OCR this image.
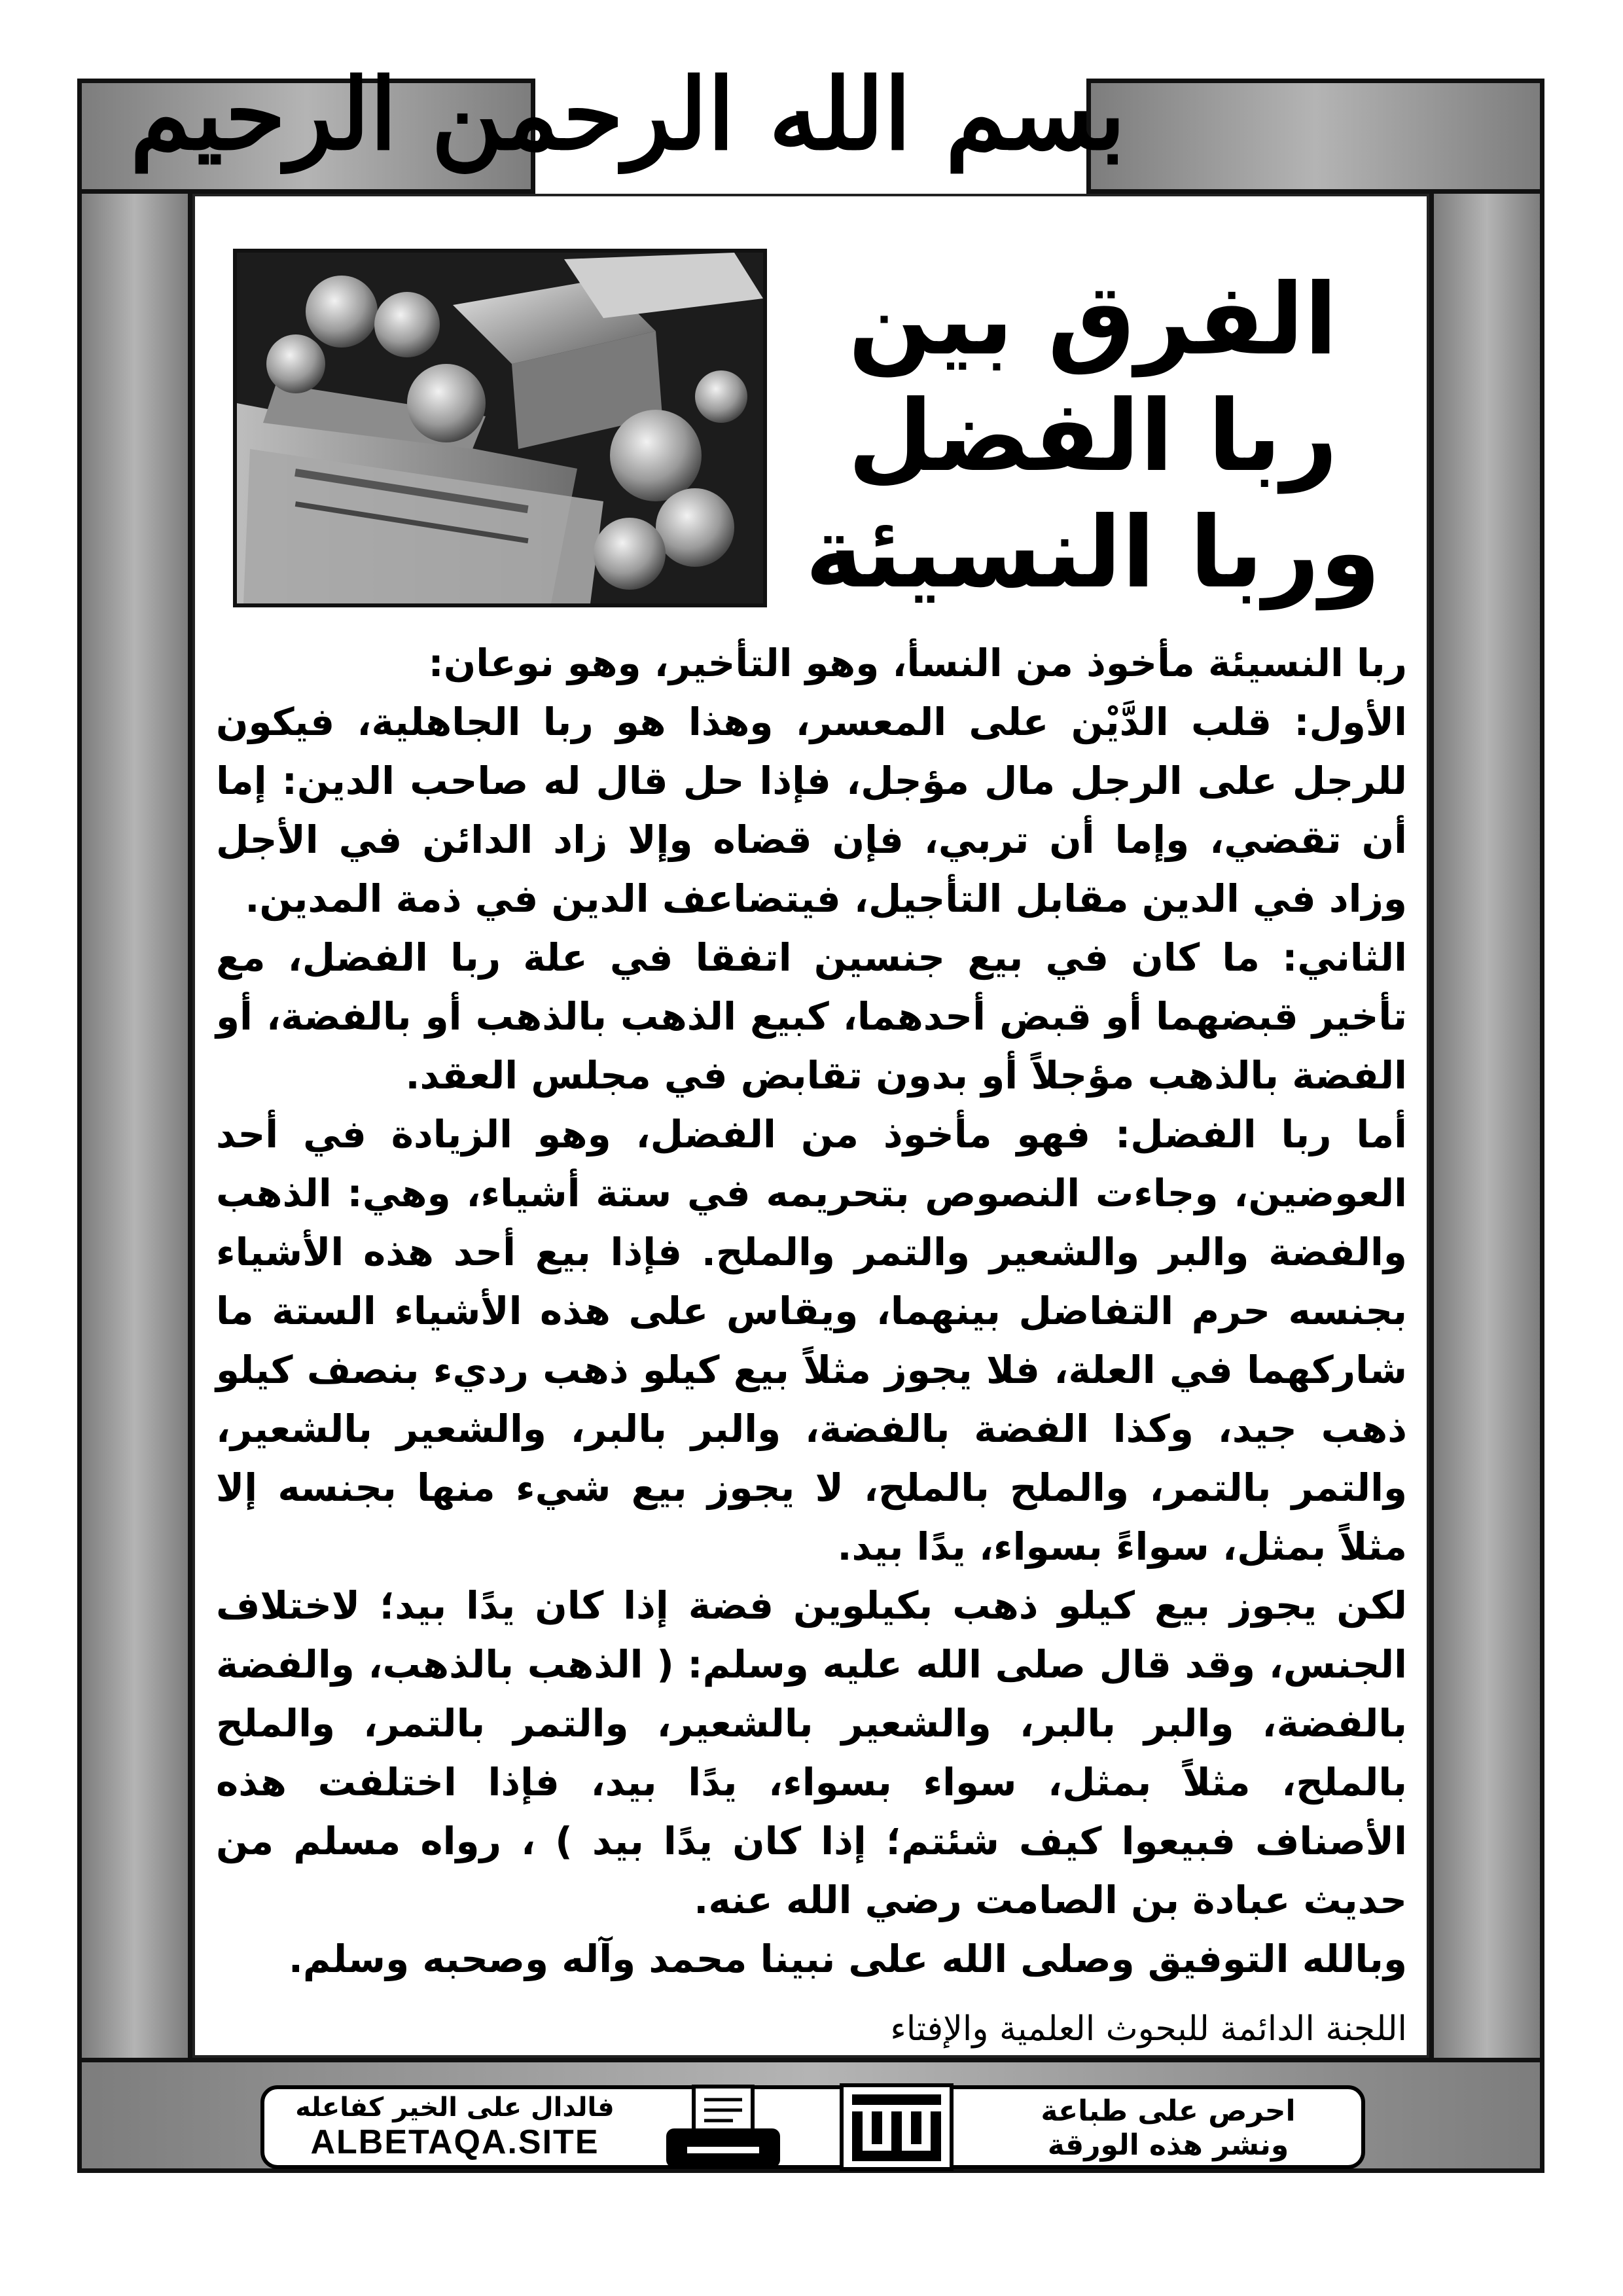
بسم الله الرحمن الرحيم
الفرق بين
ربا الفضل
وربا النسيئة

ربا النسيئة مأخوذ من النسأ، وهو التأخير، وهو نوعان:

الأول: قلب الدَّيْن على المعسر، وهذا هو ربا الجاهلية، فيكون للرجل على الرجل مال مؤجل، فإذا حل قال له صاحب الدين: إما أن تقضي، وإما أن تربي، فإن قضاه وإلا زاد الدائن في الأجل وزاد في الدين مقابل التأجيل، فيتضاعف الدين في ذمة المدين.

الثاني: ما كان في بيع جنسين اتفقا في علة ربا الفضل، مع تأخير قبضهما أو قبض أحدهما، كبيع الذهب بالذهب أو بالفضة، أو الفضة بالذهب مؤجلاً أو بدون تقابض في مجلس العقد.

أما ربا الفضل: فهو مأخوذ من الفضل، وهو الزيادة في أحد العوضين، وجاءت النصوص بتحريمه في ستة أشياء، وهي: الذهب والفضة والبر والشعير والتمر والملح. فإذا بيع أحد هذه الأشياء بجنسه حرم التفاضل بينهما، ويقاس على هذه الأشياء الستة ما شاركهما في العلة، فلا يجوز مثلاً بيع كيلو ذهب رديء بنصف كيلو ذهب جيد، وكذا الفضة بالفضة، والبر بالبر، والشعير بالشعير، والتمر بالتمر، والملح بالملح، لا يجوز بيع شيء منها بجنسه إلا مثلاً بمثل، سواءً بسواء، يدًا بيد.

لكن يجوز بيع كيلو ذهب بكيلوين فضة إذا كان يدًا بيد؛ لاختلاف الجنس، وقد قال صلى الله عليه وسلم: ( الذهب بالذهب، والفضة بالفضة، والبر بالبر، والشعير بالشعير، والتمر بالتمر، والملح بالملح، مثلاً بمثل، سواء بسواء، يدًا بيد، فإذا اختلفت هذه الأصناف فبيعوا كيف شئتم؛ إذا كان يدًا بيد ) ، رواه مسلم من حديث عبادة بن الصامت رضي الله عنه.

وبالله التوفيق وصلى الله على نبينا محمد وآله وصحبه وسلم.

اللجنة الدائمة للبحوث العلمية والإفتاء
فالدال على الخير كفاعله
ALBETAQA.SITE
احرص على طباعة
ونشر هذه الورقة
